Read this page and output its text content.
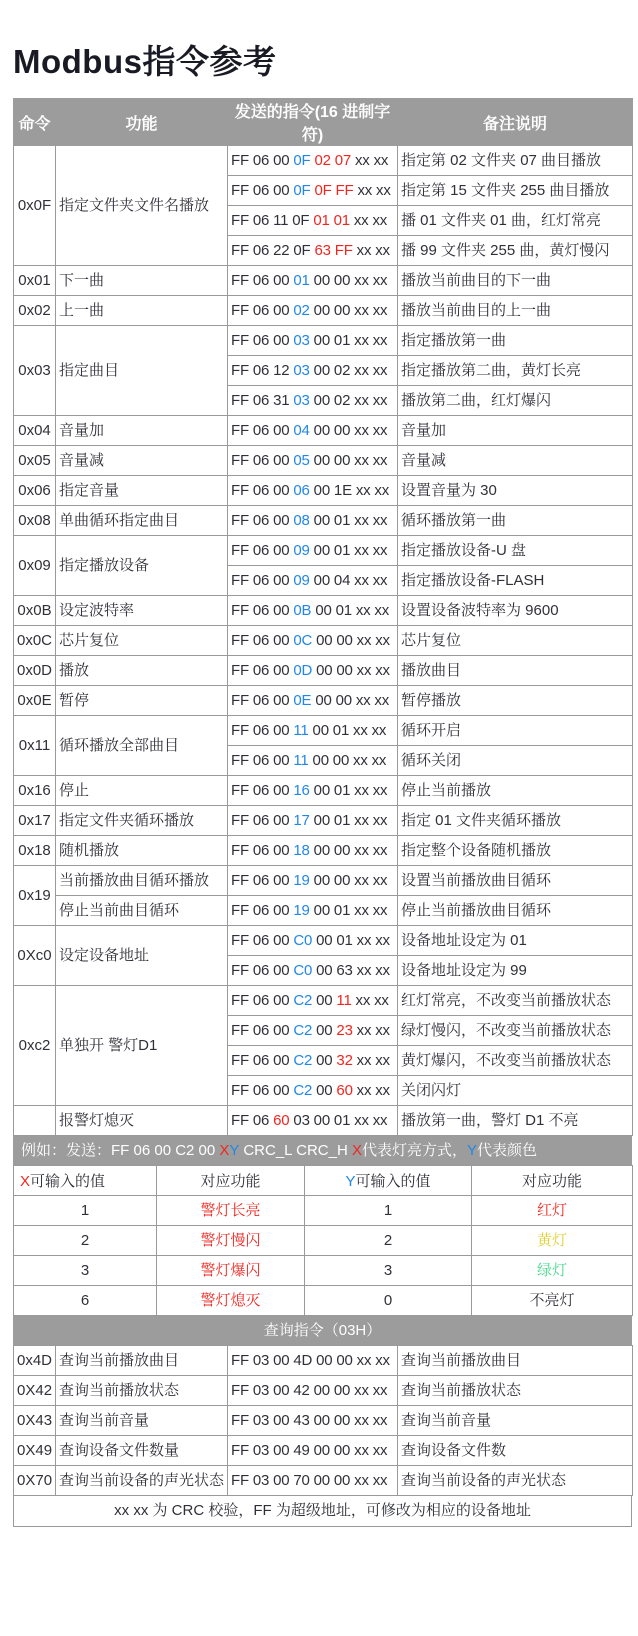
Modbus指令参考
命令	功能	发送的指令(16 进制字符)	备注说明
0x0F	指定文件夹文件名播放	FF 06 00 0F 02 07 xx xx	指定第 02 文件夹 07 曲目播放
		FF 06 00 0F 0F FF xx xx	指定第 15 文件夹 255 曲目播放
		FF 06 11 0F 01 01 xx xx	播 01 文件夹 01 曲，红灯常亮
		FF 06 22 0F 63 FF xx xx	播 99 文件夹 255 曲，黄灯慢闪
0x01	下一曲	FF 06 00 01 00 00 xx xx	播放当前曲目的下一曲
0x02	上一曲	FF 06 00 02 00 00 xx xx	播放当前曲目的上一曲
0x03	指定曲目	FF 06 00 03 00 01 xx xx	指定播放第一曲
		FF 06 12 03 00 02 xx xx	指定播放第二曲，黄灯长亮
		FF 06 31 03 00 02 xx xx	播放第二曲，红灯爆闪
0x04	音量加	FF 06 00 04 00 00 xx xx	音量加
0x05	音量减	FF 06 00 05 00 00 xx xx	音量减
0x06	指定音量	FF 06 00 06 00 1E xx xx	设置音量为 30
0x08	单曲循环指定曲目	FF 06 00 08 00 01 xx xx	循环播放第一曲
0x09	指定播放设备	FF 06 00 09 00 01 xx xx	指定播放设备-U 盘
		FF 06 00 09 00 04 xx xx	指定播放设备-FLASH
0x0B	设定波特率	FF 06 00 0B 00 01 xx xx	设置设备波特率为 9600
0x0C	芯片复位	FF 06 00 0C 00 00 xx xx	芯片复位
0x0D	播放	FF 06 00 0D 00 00 xx xx	播放曲目
0x0E	暂停	FF 06 00 0E 00 00 xx xx	暂停播放
0x11	循环播放全部曲目	FF 06 00 11 00 01 xx xx	循环开启
		FF 06 00 11 00 00 xx xx	循环关闭
0x16	停止	FF 06 00 16 00 01 xx xx	停止当前播放
0x17	指定文件夹循环播放	FF 06 00 17 00 01 xx xx	指定 01 文件夹循环播放
0x18	随机播放	FF 06 00 18 00 00 xx xx	指定整个设备随机播放
0x19	当前播放曲目循环播放	FF 06 00 19 00 00 xx xx	设置当前播放曲目循环
	停止当前曲目循环	FF 06 00 19 00 01 xx xx	停止当前播放曲目循环
0Xc0	设定设备地址	FF 06 00 C0 00 01 xx xx	设备地址设定为 01
		FF 06 00 C0 00 63 xx xx	设备地址设定为 99
0xc2	单独开 警灯D1	FF 06 00 C2 00 11 xx xx	红灯常亮，不改变当前播放状态
		FF 06 00 C2 00 23 xx xx	绿灯慢闪，不改变当前播放状态
		FF 06 00 C2 00 32 xx xx	黄灯爆闪，不改变当前播放状态
		FF 06 00 C2 00 60 xx xx	关闭闪灯
	报警灯熄灭	FF 06 60 03 00 01 xx xx	播放第一曲，警灯 D1 不亮
例如：发送：FF 06 00 C2 00 XY CRC_L CRC_H X代表灯亮方式，Y代表颜色
X可输入的值	对应功能	Y可输入的值	对应功能
1	警灯长亮	1	红灯
2	警灯慢闪	2	黄灯
3	警灯爆闪	3	绿灯
6	警灯熄灭	0	不亮灯
查询指令（03H）
0x4D	查询当前播放曲目	FF 03 00 4D 00 00 xx xx	查询当前播放曲目
0X42	查询当前播放状态	FF 03 00 42 00 00 xx xx	查询当前播放状态
0X43	查询当前音量	FF 03 00 43 00 00 xx xx	查询当前音量
0X49	查询设备文件数量	FF 03 00 49 00 00 xx xx	查询设备文件数
0X70	查询当前设备的声光状态	FF 03 00 70 00 00 xx xx	查询当前设备的声光状态
xx xx 为 CRC 校验，FF 为超级地址，可修改为相应的设备地址
